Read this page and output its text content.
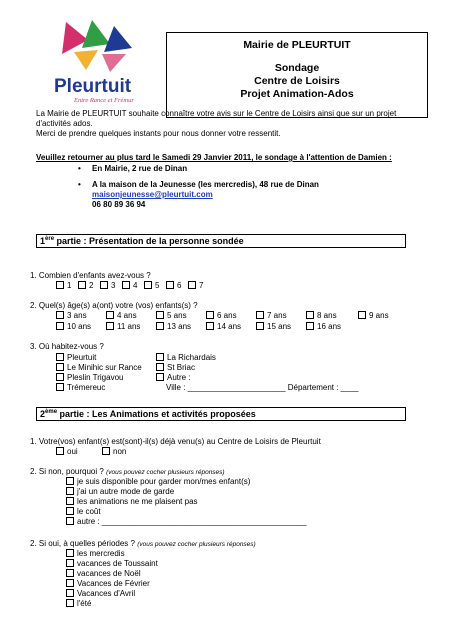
Pleurtuit
Entre Rance et Frémur
Mairie de PLEURTUIT
Sondage
Centre de Loisirs
Projet Animation-Ados

La Mairie de PLEURTUIT souhaite connaître votre avis sur le Centre de Loisirs ainsi que sur un projet d'activités ados.

Merci de prendre quelques instants pour nous donner votre ressentit.

Veuillez retourner au plus tard le Samedi 29 Janvier 2011, le sondage à l'attention de Damien :
• En Mairie, 2 rue de Dinan
• A la maison de la Jeunesse (les mercredis), 48 rue de Dinan
maisonjeunesse@pleurtuit.com
06 80 89 36 94
1ère partie : Présentation de la personne sondée
1. Combien d'enfants avez-vous ?
1	2	3	4	5	6	7
2. Quel(s) âge(s) a(ont) votre (vos) enfants(s) ?
3 ans	4 ans	5 ans	6 ans	7 ans	8 ans	9 ans
10 ans	11 ans	13 ans	14 ans	15 ans	16 ans
3. Où habitez-vous ?
Pleurtuit
Le Minihic sur Rance
Pleslin Trigavou
Trémereuc
La Richardais
St Briac
Autre :
Ville : ______________________ Département : ____
2ème partie : Les Animations et activités proposées
1. Votre(vos) enfant(s) est(sont)-il(s) déjà venu(s) au Centre de Loisirs de Pleurtuit
oui	non
2. Si non, pourquoi ? (vous pouvez cocher plusieurs réponses)
je suis disponible pour garder mon/mes enfant(s)
j'ai un autre mode de garde
les animations ne me plaisent pas
le coût
autre : ______________________________________________
2. Si oui, à quelles périodes ? (vous pouvez cocher plusieurs réponses)
les mercredis
vacances de Toussaint
vacances de Noël
Vacances de Février
Vacances d'Avril
l'été
